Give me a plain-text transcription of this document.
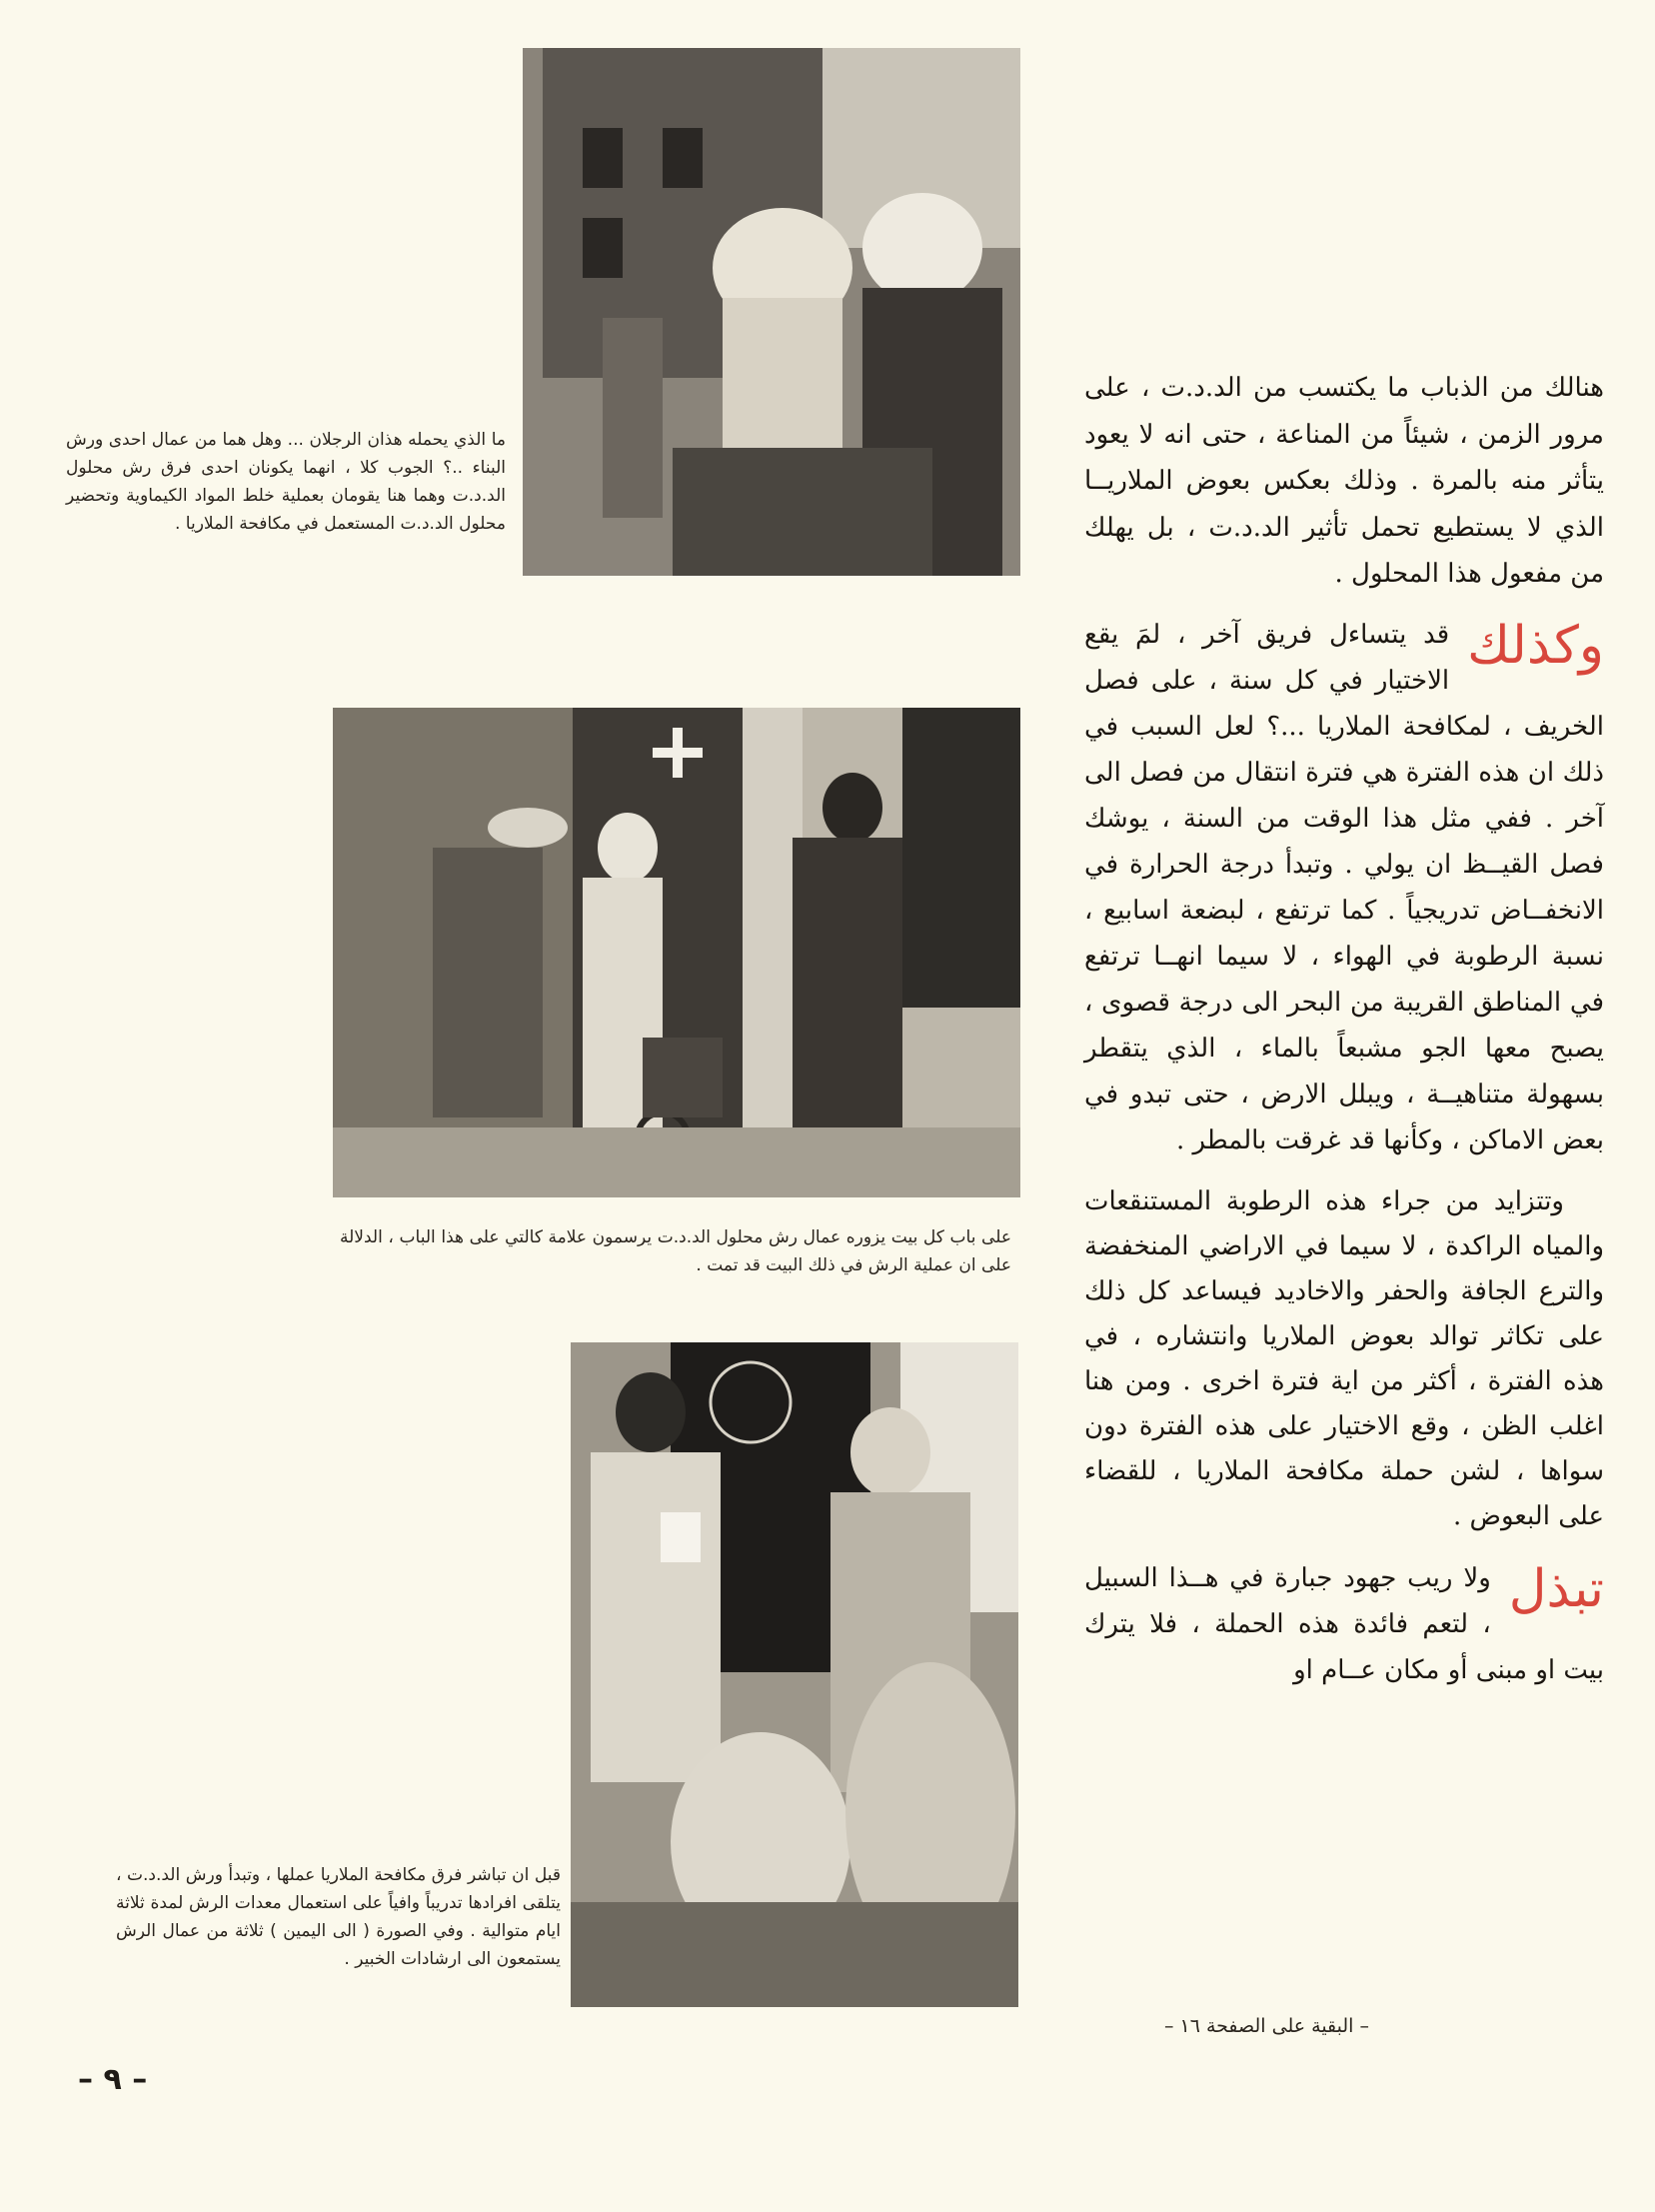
ما الذي يحمله هذان الرجلان ... وهل هما من عمال احدى ورش البناء ..؟ الجوب كلا ، انهما يكونان احدى فرق رش محلول الد.د.ت وهما هنا يقومان بعملية خلط المواد الكيماوية وتحضير محلول الد.د.ت المستعمل في مكافحة الملاريا .

هنالك من الذباب ما يكتسب من الد.د.ت ، على مرور الزمن ، شيئاً من المناعة ، حتى انه لا يعود يتأثر منه بالمرة . وذلك بعكس بعوض الملاريــا الذي لا يستطيع تحمل تأثير الد.د.ت ، بل يهلك من مفعول هذا المحلول .

وكذلك

قد يتساءل فريق آخر ، لمَ يقع الاختيار في كل سنة ، على فصل الخريف ، لمكافحة الملاريا ...؟ لعل السبب في ذلك ان هذه الفترة هي فترة انتقال من فصل الى آخر . ففي مثل هذا الوقت من السنة ، يوشك فصل القيــظ ان يولي . وتبدأ درجة الحرارة في الانخفــاض تدريجياً . كما ترتفع ، لبضعة اسابيع ، نسبة الرطوبة في الهواء ، لا سيما انهــا ترتفع في المناطق القريبة من البحر الى درجة قصوى ، يصبح معها الجو مشبعاً بالماء ، الذي يتقطر بسهولة متناهيــة ، ويبلل الارض ، حتى تبدو في بعض الاماكن ، وكأنها قد غرقت بالمطر .

وتتزايد من جراء هذه الرطوبة المستنقعات والمياه الراكدة ، لا سيما في الاراضي المنخفضة والترع الجافة والحفر والاخاديد فيساعد كل ذلك على تكاثر توالد بعوض الملاريا وانتشاره ، في هذه الفترة ، أكثر من اية فترة اخرى . ومن هنا اغلب الظن ، وقع الاختيار على هذه الفترة دون سواها ، لشن حملة مكافحة الملاريا ، للقضاء على البعوض .

تبذل

ولا ريب جهود جبارة في هــذا السبيل ، لتعم فائدة هذه الحملة ، فلا يترك بيت او مبنى أو مكان عــام او

على باب كل بيت يزوره عمال رش محلول الد.د.ت يرسمون علامة كالتي على هذا الباب ، الدلالة على ان عملية الرش في ذلك البيت قد تمت .
قبل ان تباشر فرق مكافحة الملاريا عملها ، وتبدأ ورش الد.د.ت ، يتلقى افرادها تدريباً وافياً على استعمال معدات الرش لمدة ثلاثة ايام متوالية . وفي الصورة ( الى اليمين ) ثلاثة من عمال الرش يستمعون الى ارشادات الخبير .
– البقية على الصفحة ١٦ –
– ٩ –
